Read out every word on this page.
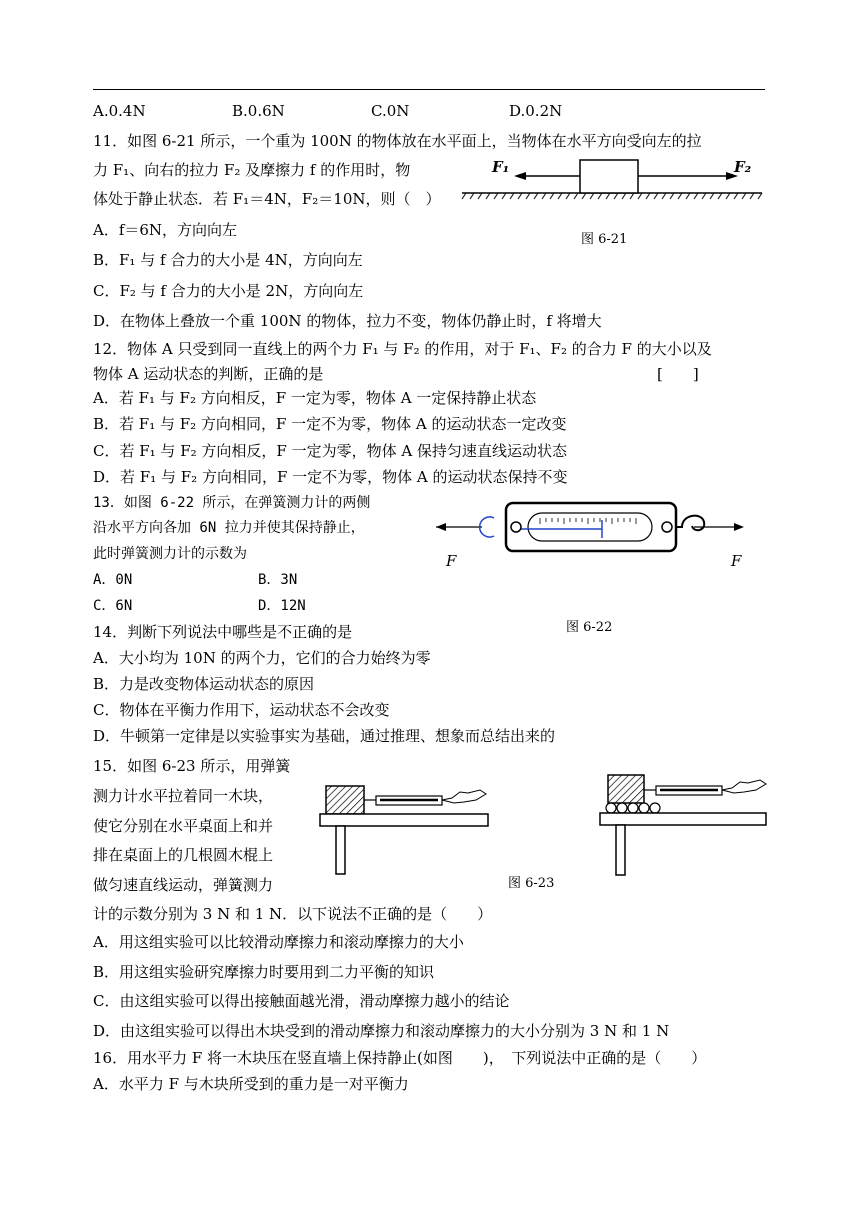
A.0.4N	B.0.6N	C.0N	D.0.2N
11．如图 6-21 所示，一个重为 100N 的物体放在水平面上，当物体在水平方向受向左的拉
力 F₁、向右的拉力 F₂ 及摩擦力 f 的作用时，物
体处于静止状态．若 F₁＝4N，F₂＝10N，则（　）
A．f＝6N，方向向左
B．F₁ 与 f 合力的大小是 4N，方向向左
C．F₂ 与 f 合力的大小是 2N，方向向左
D．在物体上叠放一个重 100N 的物体，拉力不变，物体仍静止时，f 将增大
F₁	F₂
图 6-21
12．物体 A 只受到同一直线上的两个力 F₁ 与 F₂ 的作用，对于 F₁、F₂ 的合力 F 的大小以及
物体 A 运动状态的判断，正确的是	[　　]
A．若 F₁ 与 F₂ 方向相反，F 一定为零，物体 A 一定保持静止状态
B．若 F₁ 与 F₂ 方向相同，F 一定不为零，物体 A 的运动状态一定改变
C．若 F₁ 与 F₂ 方向相反，F 一定为零，物体 A 保持匀速直线运动状态
D．若 F₁ 与 F₂ 方向相同，F 一定不为零，物体 A 的运动状态保持不变
13．如图 6-22 所示，在弹簧测力计的两侧
沿水平方向各加 6N 拉力并使其保持静止，
此时弹簧测力计的示数为
A．0N	B．3N
C．6N	D．12N
F	F
图 6-22
14．判断下列说法中哪些是不正确的是
A．大小均为 10N 的两个力，它们的合力始终为零
B．力是改变物体运动状态的原因
C．物体在平衡力作用下，运动状态不会改变
D．牛顿第一定律是以实验事实为基础，通过推理、想象而总结出来的
15．如图 6-23 所示，用弹簧
测力计水平拉着同一木块，
使它分别在水平桌面上和并
排在桌面上的几根圆木棍上
做匀速直线运动，弹簧测力
计的示数分别为 3 N 和 1 N．以下说法不正确的是（　　）
图 6-23
A．用这组实验可以比较滑动摩擦力和滚动摩擦力的大小
B．用这组实验研究摩擦力时要用到二力平衡的知识
C．由这组实验可以得出接触面越光滑，滑动摩擦力越小的结论
D．由这组实验可以得出木块受到的滑动摩擦力和滚动摩擦力的大小分别为 3 N 和 1 N
16．用水平力 F 将一木块压在竖直墙上保持静止(如图　　)，　下列说法中正确的是（　　）
A．水平力 F 与木块所受到的重力是一对平衡力
